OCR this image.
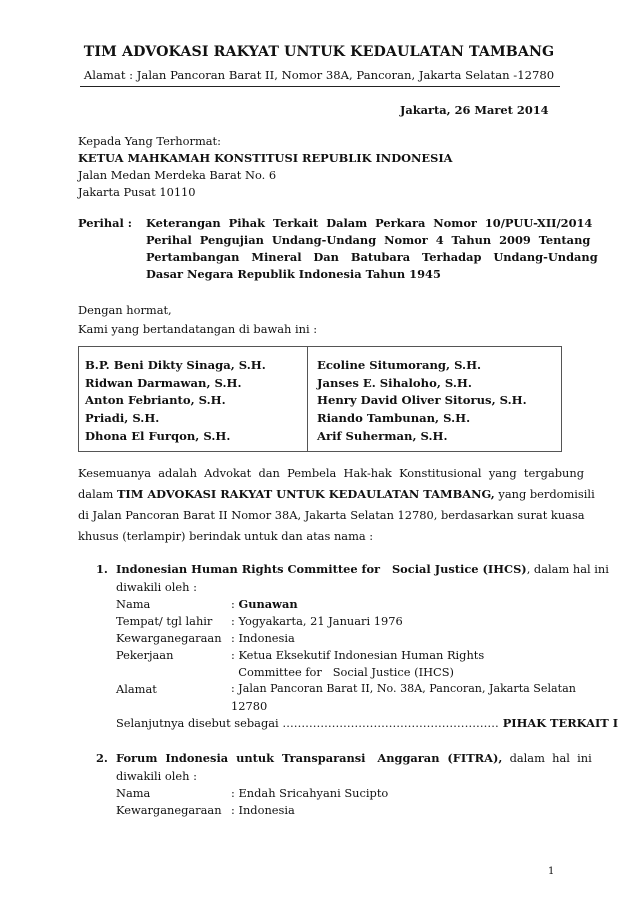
TIM ADVOKASI RAKYAT UNTUK KEDAULATAN TAMBANG
Alamat : Jalan Pancoran Barat II, Nomor 38A, Pancoran, Jakarta Selatan -12780
Jakarta, 26 Maret 2014
Kepada Yang Terhormat:
KETUA MAHKAMAH KONSTITUSI REPUBLIK INDONESIA
Jalan Medan Merdeka Barat No. 6
Jakarta Pusat 10110
Perihal : Keterangan  Pihak  Terkait  Dalam  Perkara  Nomor  10/PUU-XII/2014
Perihal  Pengujian  Undang-Undang  Nomor  4  Tahun  2009  Tentang
Pertambangan   Mineral   Dan   Batubara   Terhadap   Undang-Undang
Dasar Negara Republik Indonesia Tahun 1945
Dengan hormat,
Kami yang bertandatangan di bawah ini :
B.P. Beni Dikty Sinaga, S.H.
Ridwan Darmawan, S.H.
Anton Febrianto, S.H.
Priadi, S.H.
Dhona El Furqon, S.H.
Ecoline Situmorang, S.H.
Janses E. Sihaloho, S.H.
Henry David Oliver Sitorus, S.H.
Riando Tambunan, S.H.
Arif Suherman, S.H.
Kesemuanya  adalah  Advokat  dan  Pembela  Hak-hak  Konstitusional  yang  tergabung
dalam TIM ADVOKASI RAKYAT UNTUK KEDAULATAN TAMBANG, yang berdomisili
di Jalan Pancoran Barat II Nomor 38A, Jakarta Selatan 12780, berdasarkan surat kuasa
khusus (terlampir) berindak untuk dan atas nama :
1. Indonesian Human Rights Committee for   Social Justice (IHCS), dalam hal ini
diwakili oleh :
Nama	: Gunawan
Tempat/ tgl lahir : Yogyakarta, 21 Januari 1976
Kewarganegaraan : Indonesia
Pekerjaan	: Ketua Eksekutif Indonesian Human Rights
Committee for   Social Justice (IHCS)
Alamat	: Jalan Pancoran Barat II, No. 38A, Pancoran, Jakarta Selatan
12780
Selanjutnya disebut sebagai ………………………………………………… PIHAK TERKAIT I
2. Forum  Indonesia  untuk  Transparansi   Anggaran  (FITRA),  dalam  hal  ini
diwakili oleh :
Nama	: Endah Sricahyani Sucipto
Kewarganegaraan : Indonesia
1
